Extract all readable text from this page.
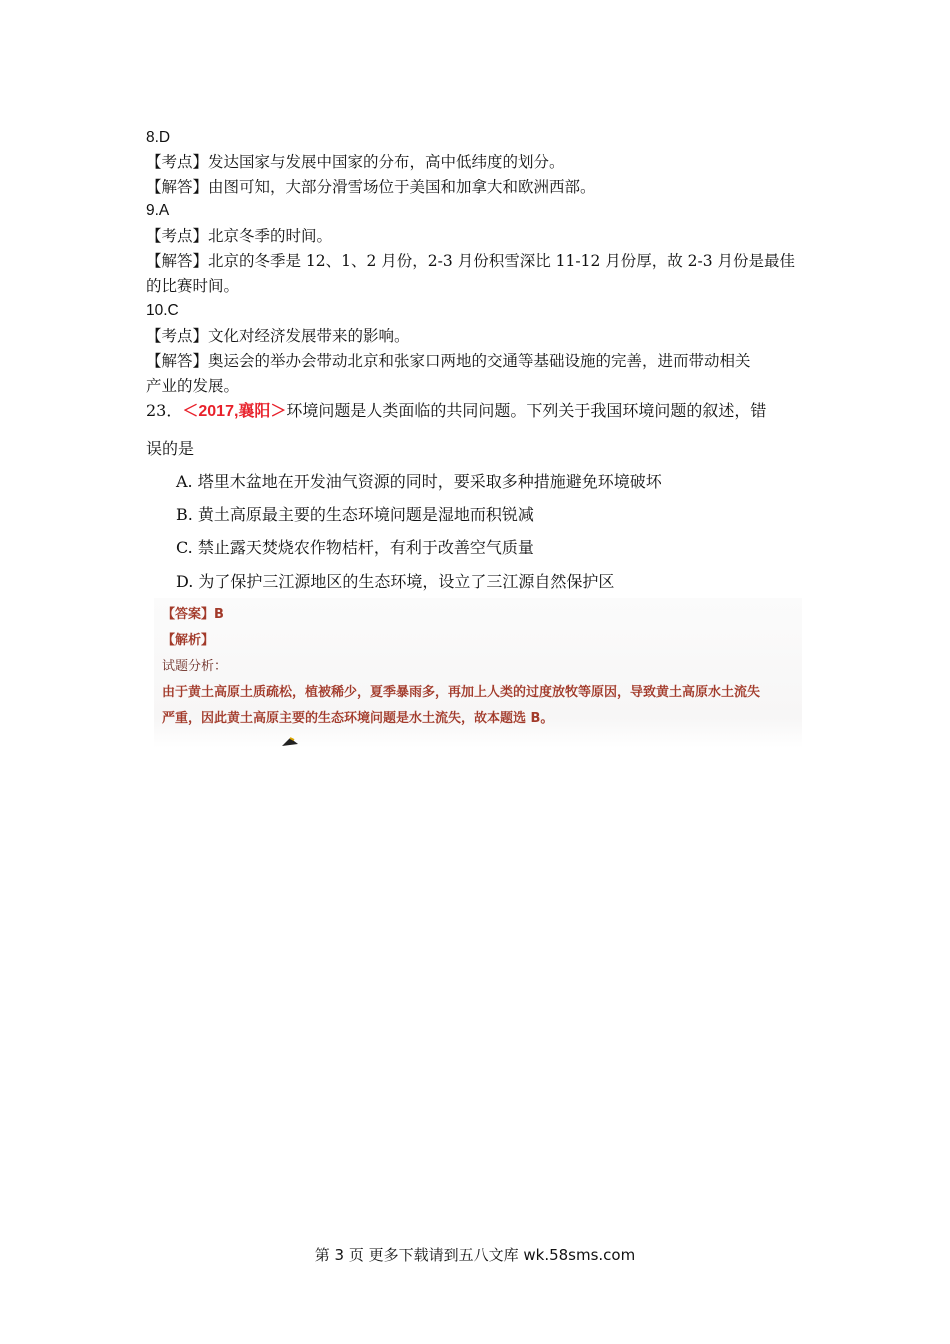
8.D
【考点】发达国家与发展中国家的分布，高中低纬度的划分。
【解答】由图可知，大部分滑雪场位于美国和加拿大和欧洲西部。
9.A
【考点】北京冬季的时间。
【解答】北京的冬季是 12、1、2 月份，2-3 月份积雪深比 11-12 月份厚，故 2-3 月份是最佳
的比赛时间。
10.C
【考点】文化对经济发展带来的影响。
【解答】奥运会的举办会带动北京和张家口两地的交通等基础设施的完善，进而带动相关
产业的发展。
23．＜2017,襄阳＞环境问题是人类面临的共同问题。下列关于我国环境问题的叙述，错
误的是
A. 塔里木盆地在开发油气资源的同时，要采取多种措施避免环境破坏
B. 黄土高原最主要的生态环境问题是湿地而积锐减
C. 禁止露天焚烧农作物桔杆，有利于改善空气质量
D. 为了保护三江源地区的生态环境，设立了三江源自然保护区
【答案】B
【解析】
试题分析：
由于黄土高原土质疏松，植被稀少，夏季暴雨多，再加上人类的过度放牧等原因，导致黄土高原水土流失
严重，因此黄土高原主要的生态环境问题是水土流失，故本题选 B。
第 3 页 更多下载请到五八文库 wk.58sms.com
